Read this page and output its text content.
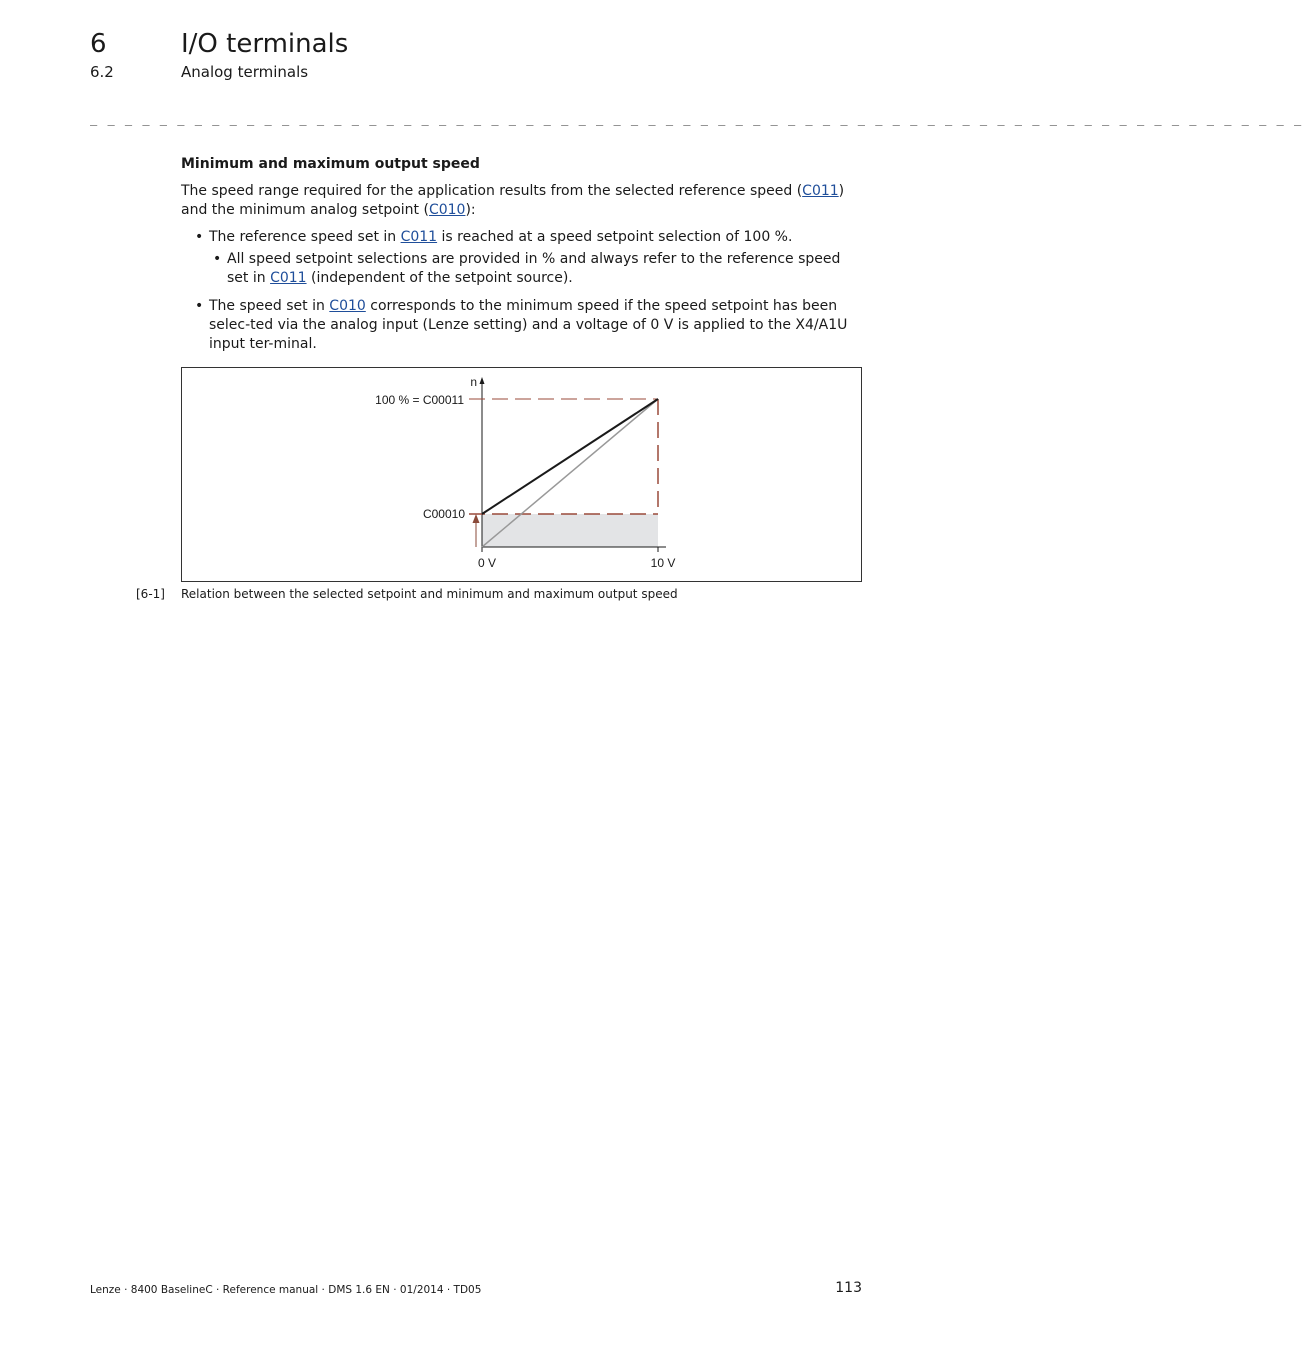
6	I/O terminals
6.2	Analog terminals
_ _ _ _ _ _ _ _ _ _ _ _ _ _ _ _ _ _ _ _ _ _ _ _ _ _ _ _ _ _ _ _ _ _ _ _ _ _ _ _ _ _ _ _ _ _ _ _ _ _ _ _ _ _ _ _ _ _ _ _ _ _ _ _ _ _ _ _ _ _
Minimum and maximum output speed
The speed range required for the application results from the selected reference speed (C011) and the minimum analog setpoint (C010):
• The reference speed set in C011 is reached at a speed setpoint selection of 100 %.
• All speed setpoint selections are provided in % and always refer to the reference speed set in C011 (independent of the setpoint source).
• The speed set in C010 corresponds to the minimum speed if the speed setpoint has been selec-ted via the analog input (Lenze setting) and a voltage of 0 V is applied to the X4/A1U input ter-minal.
n
100 % = C00011
C00010
0 V	10 V
[6-1] Relation between the selected setpoint and minimum and maximum output speed
Lenze · 8400 BaselineC · Reference manual · DMS 1.6 EN · 01/2014 · TD05	113
